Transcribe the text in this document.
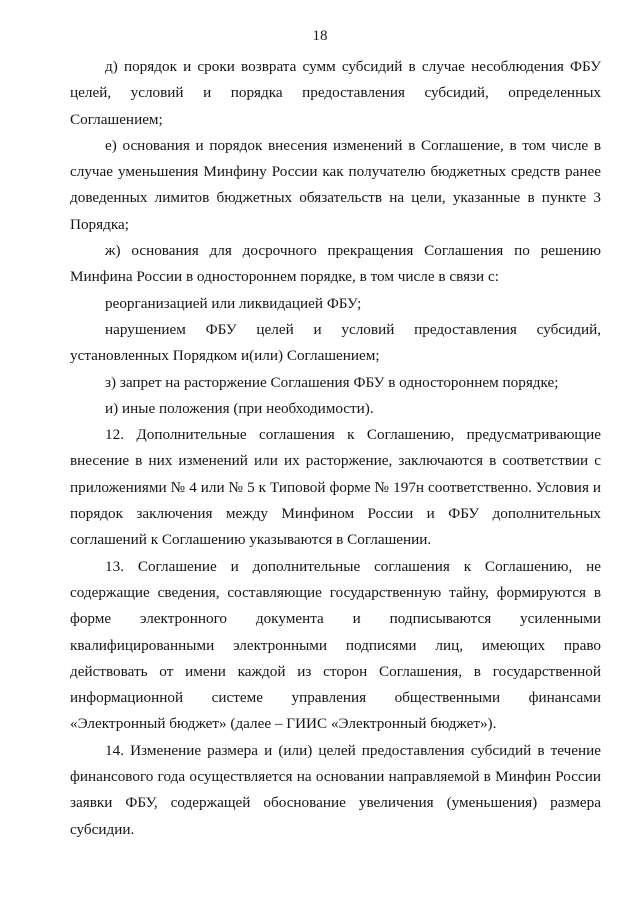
18

д) порядок и сроки возврата сумм субсидий в случае несоблюдения ФБУ целей, условий и порядка предоставления субсидий, определенных Соглашением;

е) основания и порядок внесения изменений в Соглашение, в том числе в случае уменьшения Минфину России как получателю бюджетных средств ранее доведенных лимитов бюджетных обязательств на цели, указанные в пункте 3 Порядка;

ж) основания для досрочного прекращения Соглашения по решению Минфина России в одностороннем порядке, в том числе в связи с:

реорганизацией или ликвидацией ФБУ;

нарушением ФБУ целей и условий предоставления субсидий, установленных Порядком и(или) Соглашением;

з) запрет на расторжение Соглашения ФБУ в одностороннем порядке;

и) иные положения (при необходимости).

12. Дополнительные соглашения к Соглашению, предусматривающие внесение в них изменений или их расторжение, заключаются в соответствии с приложениями № 4 или № 5 к Типовой форме № 197н соответственно. Условия и порядок заключения между Минфином России и ФБУ дополнительных соглашений к Соглашению указываются в Соглашении.

13. Соглашение и дополнительные соглашения к Соглашению, не содержащие сведения, составляющие государственную тайну, формируются в форме электронного документа и подписываются усиленными квалифицированными электронными подписями лиц, имеющих право действовать от имени каждой из сторон Соглашения, в государственной информационной системе управления общественными финансами «Электронный бюджет» (далее – ГИИС «Электронный бюджет»).

14. Изменение размера и (или) целей предоставления субсидий в течение финансового года осуществляется на основании направляемой в Минфин России заявки ФБУ, содержащей обоснование увеличения (уменьшения) размера субсидии.
